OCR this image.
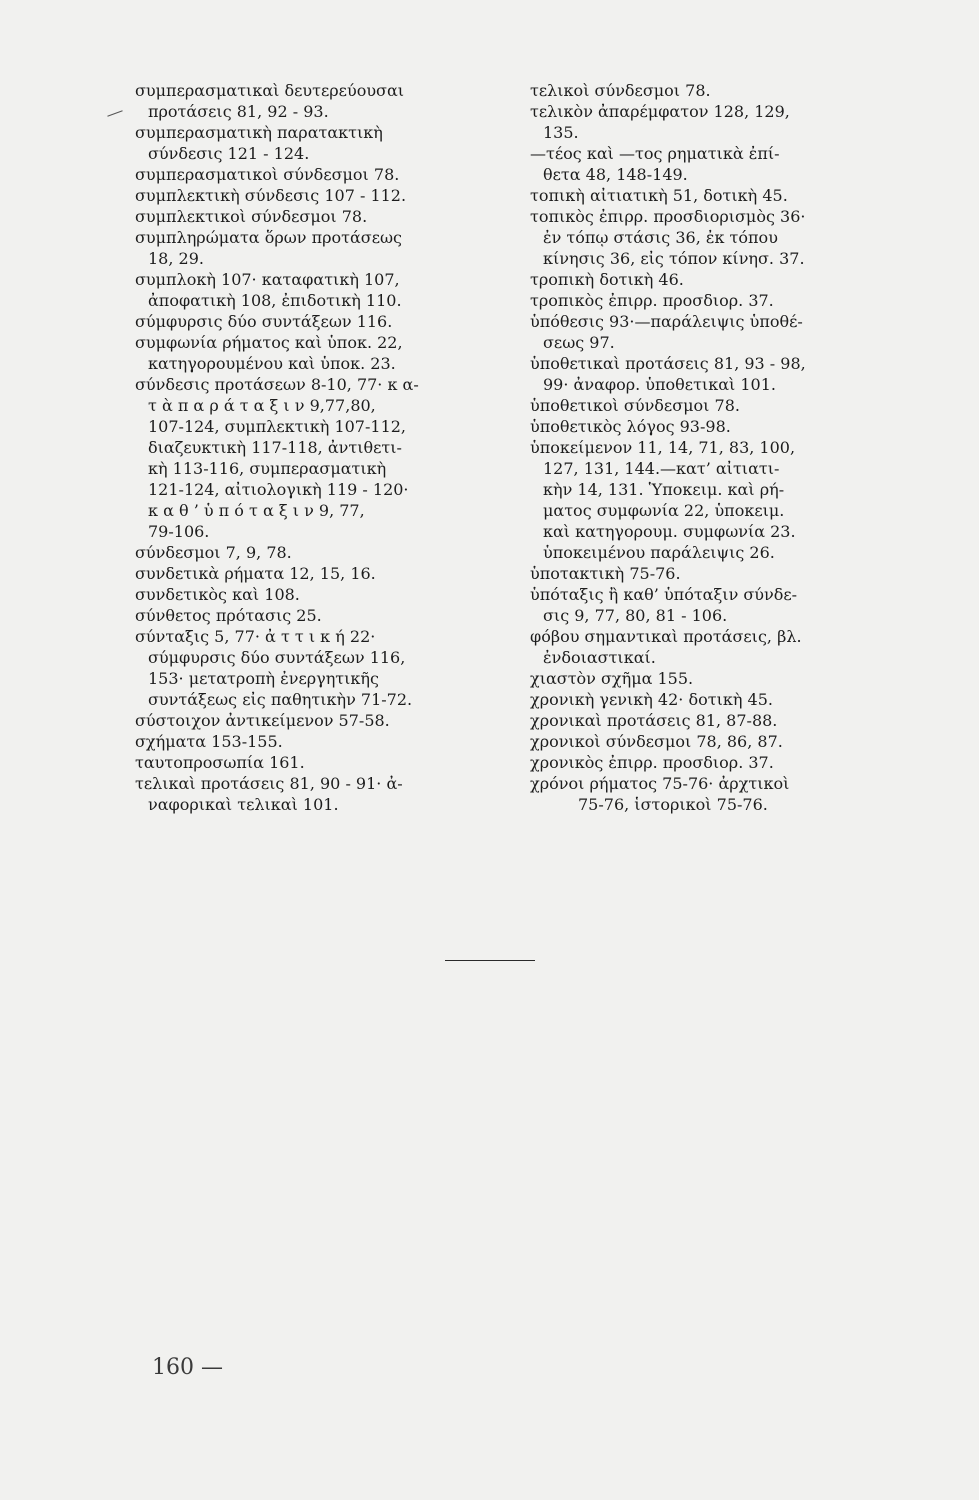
συμπερασματικαὶ δευτερεύουσαι
προτάσεις 81, 92 - 93.
συμπερασματικὴ παρατακτικὴ
σύνδεσις 121 - 124.
συμπερασματικοὶ σύνδεσμοι 78.
συμπλεκτικὴ σύνδεσις 107 - 112.
συμπλεκτικοὶ σύνδεσμοι 78.
συμπληρώματα ὅρων προτάσεως
18, 29.
συμπλοκὴ 107· καταφατικὴ 107,
ἀποφατικὴ 108, ἐπιδοτικὴ 110.
σύμφυρσις δύο συντάξεων 116.
συμφωνία ρήματος καὶ ὑποκ. 22,
κατηγορουμένου καὶ ὑποκ. 23.
σύνδεσις προτάσεων 8-10, 77· κ α-
τ ὰ π α ρ ά τ α ξ ι ν 9,77,80,
107-124, συμπλεκτικὴ 107-112,
διαζευκτικὴ 117-118, ἀντιθετι-
κὴ 113-116, συμπερασματικὴ
121-124, αἰτιολογικὴ 119 - 120·
κ α θ ’ ὑ π ό τ α ξ ι ν 9, 77,
79-106.
σύνδεσμοι 7, 9, 78.
συνδετικὰ ρήματα 12, 15, 16.
συνδετικὸς καὶ 108.
σύνθετος πρότασις 25.
σύνταξις 5, 77· ἀ τ τ ι κ ή 22·
σύμφυρσις δύο συντάξεων 116,
153· μετατροπὴ ἐνεργητικῆς
συντάξεως εἰς παθητικὴν 71-72.
σύστοιχον ἀντικείμενον 57-58.
σχήματα 153-155.
ταυτοπροσωπία 161.
τελικαὶ προτάσεις 81, 90 - 91· ἀ-
ναφορικαὶ τελικαὶ 101.
τελικοὶ σύνδεσμοι 78.
τελικὸν ἀπαρέμφατον 128, 129,
135.
—τέος καὶ —τος ρηματικὰ ἐπί-
θετα 48, 148-149.
τοπικὴ αἰτιατικὴ 51, δοτικὴ 45.
τοπικὸς ἐπιρρ. προσδιορισμὸς 36·
ἐν τόπῳ στάσις 36, ἐκ τόπου
κίνησις 36, εἰς τόπον κίνησ. 37.
τροπικὴ δοτικὴ 46.
τροπικὸς ἐπιρρ. προσδιορ. 37.
ὑπόθεσις 93·—παράλειψις ὑποθέ-
σεως 97.
ὑποθετικαὶ προτάσεις 81, 93 - 98,
99· ἀναφορ. ὑποθετικαὶ 101.
ὑποθετικοὶ σύνδεσμοι 78.
ὑποθετικὸς λόγος 93-98.
ὑποκείμενον 11, 14, 71, 83, 100,
127, 131, 144.—κατ’ αἰτιατι-
κὴν 14, 131. Ὑποκειμ. καὶ ρή-
ματος συμφωνία 22, ὑποκειμ.
καὶ κατηγορουμ. συμφωνία 23.
ὑποκειμένου παράλειψις 26.
ὑποτακτικὴ 75-76.
ὑπόταξις ἢ καθ’ ὑπόταξιν σύνδε-
σις 9, 77, 80, 81 - 106.
φόβου σημαντικαὶ προτάσεις, βλ.
ἐνδοιαστικαί.
χιαστὸν σχῆμα 155.
χρονικὴ γενικὴ 42· δοτικὴ 45.
χρονικαὶ προτάσεις 81, 87-88.
χρονικοὶ σύνδεσμοι 78, 86, 87.
χρονικὸς ἐπιρρ. προσδιορ. 37.
χρόνοι ρήματος 75-76· ἀρχτικοὶ
75-76, ἱστορικοὶ 75-76.
160 —
